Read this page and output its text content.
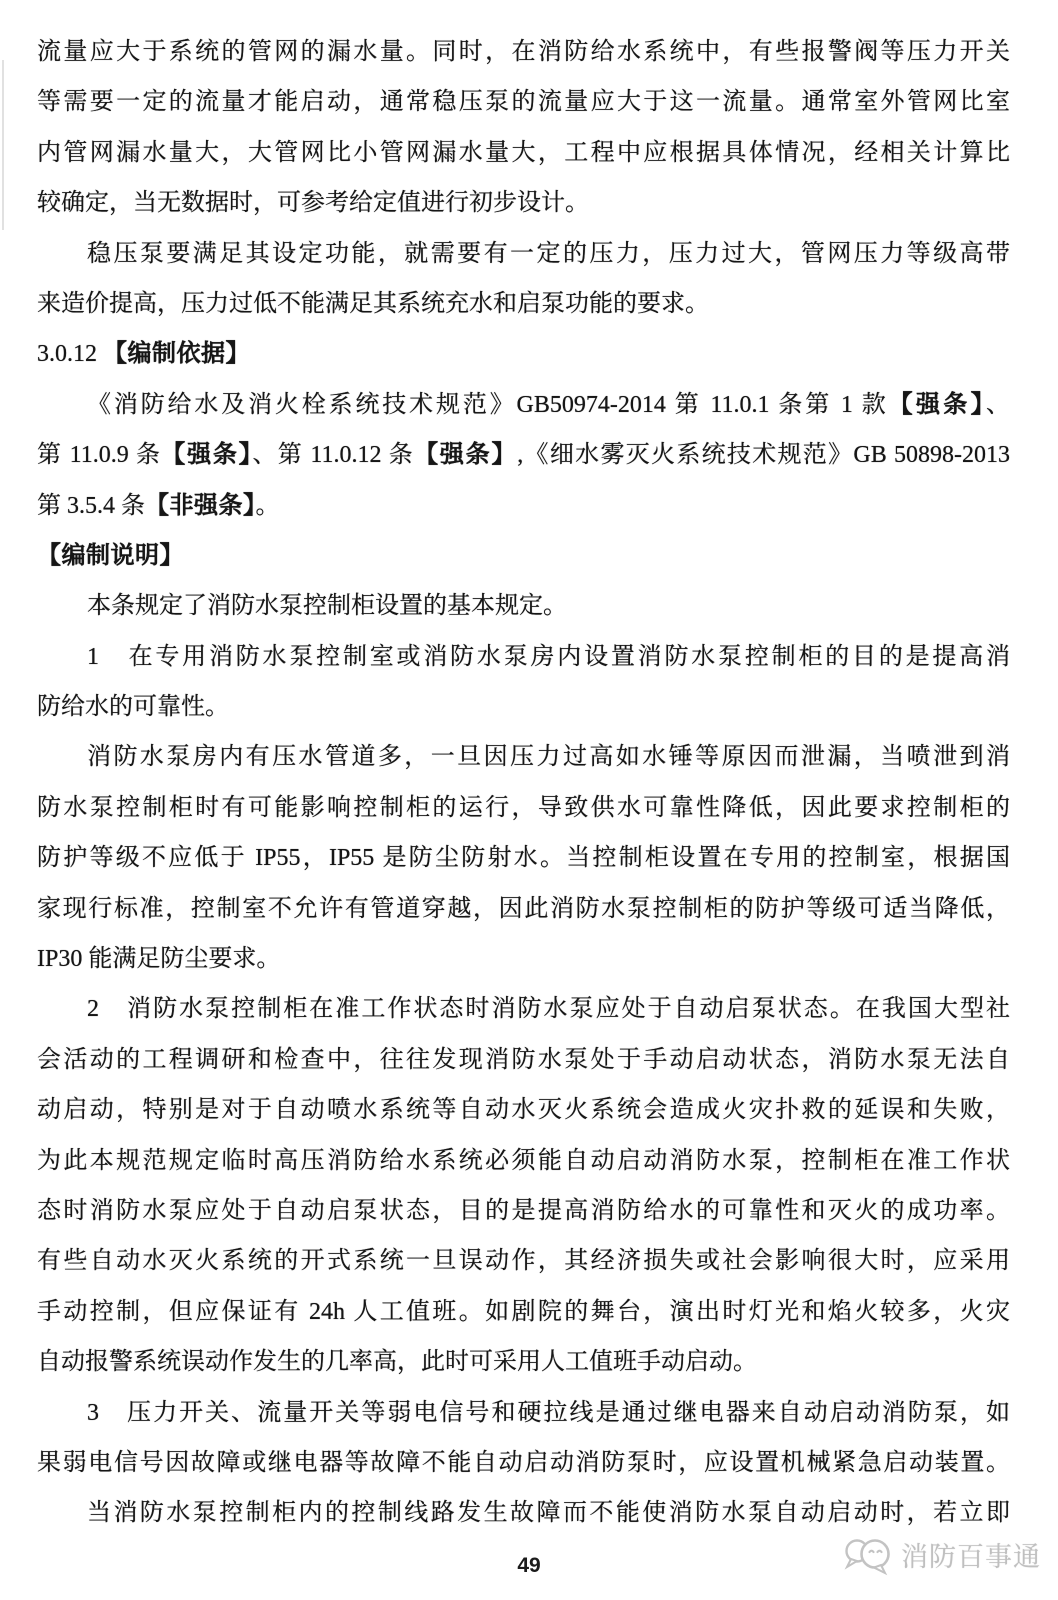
流量应大于系统的管网的漏水量。同时，在消防给水系统中，有些报警阀等压力开关
等需要一定的流量才能启动，通常稳压泵的流量应大于这一流量。通常室外管网比室
内管网漏水量大，大管网比小管网漏水量大，工程中应根据具体情况，经相关计算比
较确定，当无数据时，可参考给定值进行初步设计。
稳压泵要满足其设定功能，就需要有一定的压力，压力过大，管网压力等级高带
来造价提高，压力过低不能满足其系统充水和启泵功能的要求。
3.0.12 【编制依据】
《消防给水及消火栓系统技术规范》GB50974-2014 第 11.0.1 条第 1 款【强条】、
第 11.0.9 条【强条】、第 11.0.12 条【强条】,《细水雾灭火系统技术规范》GB 50898-2013
第 3.5.4 条【非强条】。
【编制说明】
本条规定了消防水泵控制柜设置的基本规定。
1　在专用消防水泵控制室或消防水泵房内设置消防水泵控制柜的目的是提高消
防给水的可靠性。
消防水泵房内有压水管道多，一旦因压力过高如水锤等原因而泄漏，当喷泄到消
防水泵控制柜时有可能影响控制柜的运行，导致供水可靠性降低，因此要求控制柜的
防护等级不应低于 IP55，IP55 是防尘防射水。当控制柜设置在专用的控制室，根据国
家现行标准，控制室不允许有管道穿越，因此消防水泵控制柜的防护等级可适当降低，
IP30 能满足防尘要求。
2　消防水泵控制柜在准工作状态时消防水泵应处于自动启泵状态。在我国大型社
会活动的工程调研和检查中，往往发现消防水泵处于手动启动状态，消防水泵无法自
动启动，特别是对于自动喷水系统等自动水灭火系统会造成火灾扑救的延误和失败，
为此本规范规定临时高压消防给水系统必须能自动启动消防水泵，控制柜在准工作状
态时消防水泵应处于自动启泵状态，目的是提高消防给水的可靠性和灭火的成功率。
有些自动水灭火系统的开式系统一旦误动作，其经济损失或社会影响很大时，应采用
手动控制，但应保证有 24h 人工值班。如剧院的舞台，演出时灯光和焰火较多，火灾
自动报警系统误动作发生的几率高，此时可采用人工值班手动启动。
3　压力开关、流量开关等弱电信号和硬拉线是通过继电器来自动启动消防泵，如
果弱电信号因故障或继电器等故障不能自动启动消防泵时，应设置机械紧急启动装置。
当消防水泵控制柜内的控制线路发生故障而不能使消防水泵自动启动时，若立即
49	消防百事通
